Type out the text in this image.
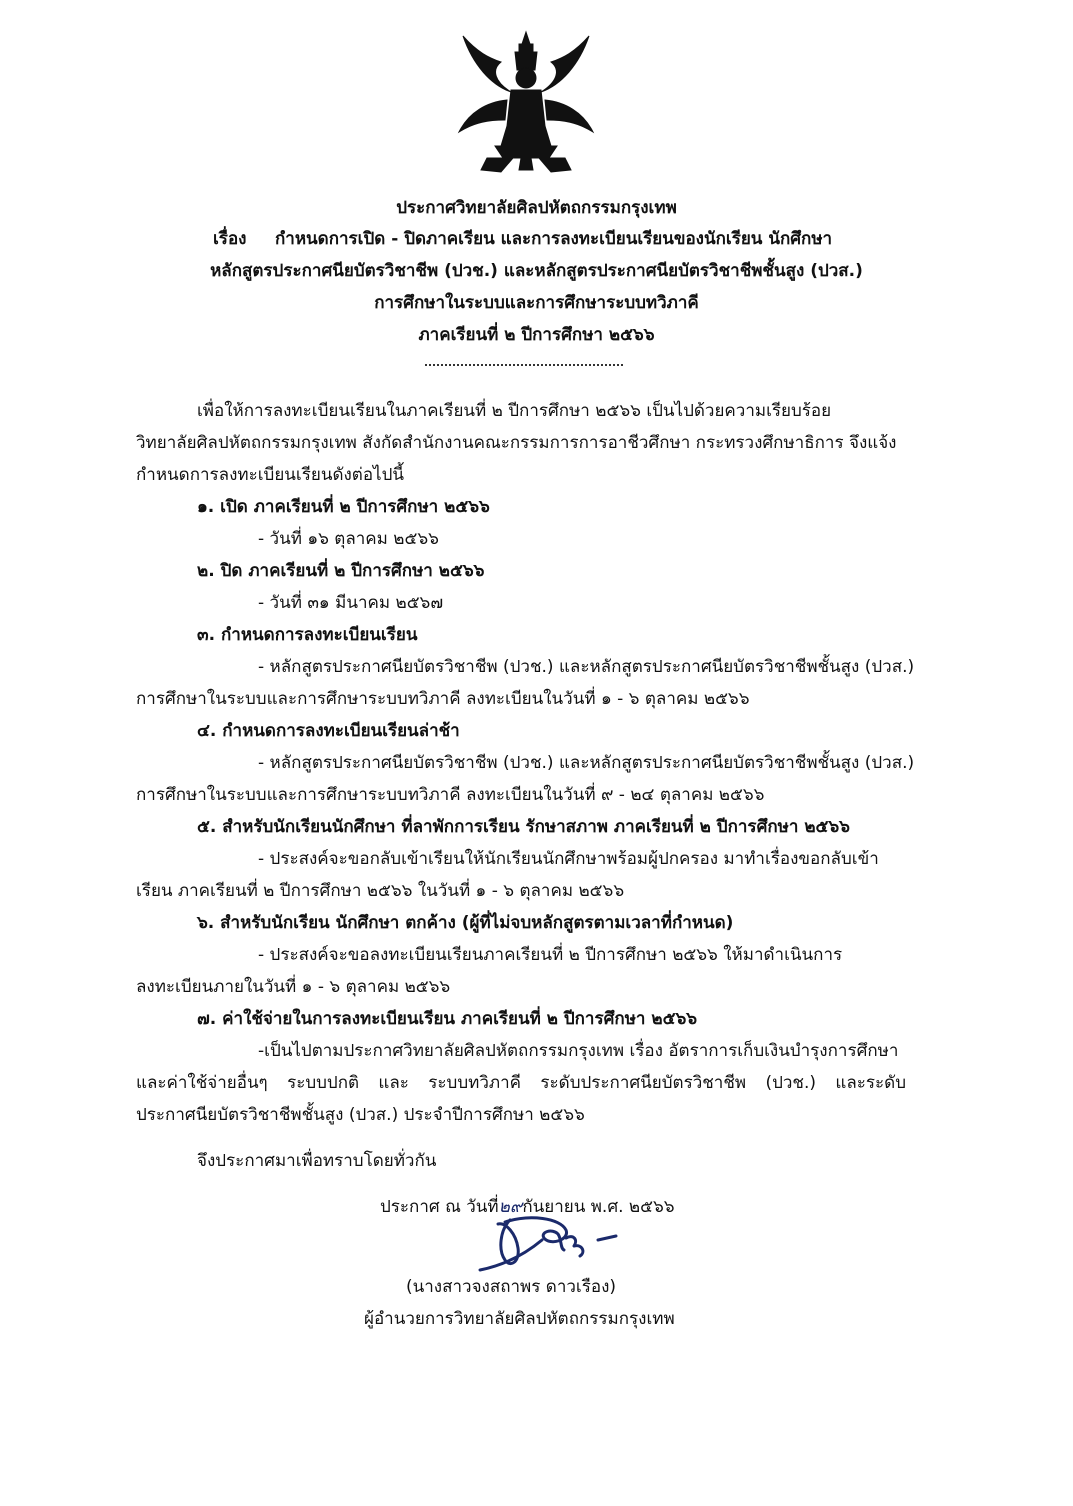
ประกาศวิทยาลัยศิลปหัตถกรรมกรุงเทพ

เรื่อง กำหนดการเปิด - ปิดภาคเรียน และการลงทะเบียนเรียนของนักเรียน นักศึกษา

หลักสูตรประกาศนียบัตรวิชาชีพ (ปวช.) และหลักสูตรประกาศนียบัตรวิชาชีพชั้นสูง (ปวส.)

การศึกษาในระบบและการศึกษาระบบทวิภาคี

ภาคเรียนที่ ๒ ปีการศึกษา ๒๕๖๖

เพื่อให้การลงทะเบียนเรียนในภาคเรียนที่ ๒ ปีการศึกษา ๒๕๖๖ เป็นไปด้วยความเรียบร้อย

วิทยาลัยศิลปหัตถกรรมกรุงเทพ สังกัดสำนักงานคณะกรรมการการอาชีวศึกษา กระทรวงศึกษาธิการ จึงแจ้ง

กำหนดการลงทะเบียนเรียนดังต่อไปนี้

๑. เปิด ภาคเรียนที่ ๒ ปีการศึกษา ๒๕๖๖

- วันที่ ๑๖ ตุลาคม ๒๕๖๖

๒. ปิด ภาคเรียนที่ ๒ ปีการศึกษา ๒๕๖๖

- วันที่ ๓๑ มีนาคม ๒๕๖๗

๓. กำหนดการลงทะเบียนเรียน

- หลักสูตรประกาศนียบัตรวิชาชีพ (ปวช.) และหลักสูตรประกาศนียบัตรวิชาชีพชั้นสูง (ปวส.)

การศึกษาในระบบและการศึกษาระบบทวิภาคี ลงทะเบียนในวันที่ ๑ - ๖ ตุลาคม ๒๕๖๖

๔. กำหนดการลงทะเบียนเรียนล่าช้า

- หลักสูตรประกาศนียบัตรวิชาชีพ (ปวช.) และหลักสูตรประกาศนียบัตรวิชาชีพชั้นสูง (ปวส.)

การศึกษาในระบบและการศึกษาระบบทวิภาคี ลงทะเบียนในวันที่ ๙ - ๒๔ ตุลาคม ๒๕๖๖

๕. สำหรับนักเรียนนักศึกษา ที่ลาพักการเรียน รักษาสภาพ ภาคเรียนที่ ๒ ปีการศึกษา ๒๕๖๖

- ประสงค์จะขอกลับเข้าเรียนให้นักเรียนนักศึกษาพร้อมผู้ปกครอง มาทำเรื่องขอกลับเข้า

เรียน ภาคเรียนที่ ๒ ปีการศึกษา ๒๕๖๖ ในวันที่ ๑ - ๖ ตุลาคม ๒๕๖๖

๖. สำหรับนักเรียน นักศึกษา ตกค้าง (ผู้ที่ไม่จบหลักสูตรตามเวลาที่กำหนด)

- ประสงค์จะขอลงทะเบียนเรียนภาคเรียนที่ ๒ ปีการศึกษา ๒๕๖๖ ให้มาดำเนินการ

ลงทะเบียนภายในวันที่ ๑ - ๖ ตุลาคม ๒๕๖๖

๗. ค่าใช้จ่ายในการลงทะเบียนเรียน ภาคเรียนที่ ๒ ปีการศึกษา ๒๕๖๖

-เป็นไปตามประกาศวิทยาลัยศิลปหัตถกรรมกรุงเทพ เรื่อง อัตราการเก็บเงินบำรุงการศึกษา

และค่าใช้จ่ายอื่นๆ ระบบปกติ และ ระบบทวิภาคี ระดับประกาศนียบัตรวิชาชีพ (ปวช.) และระดับ

ประกาศนียบัตรวิชาชีพชั้นสูง (ปวส.) ประจำปีการศึกษา ๒๕๖๖

จึงประกาศมาเพื่อทราบโดยทั่วกัน

ประกาศ ณ วันที่๒๙กันยายน พ.ศ. ๒๕๖๖

(นางสาวจงสถาพร ดาวเรือง)

ผู้อำนวยการวิทยาลัยศิลปหัตถกรรมกรุงเทพ
